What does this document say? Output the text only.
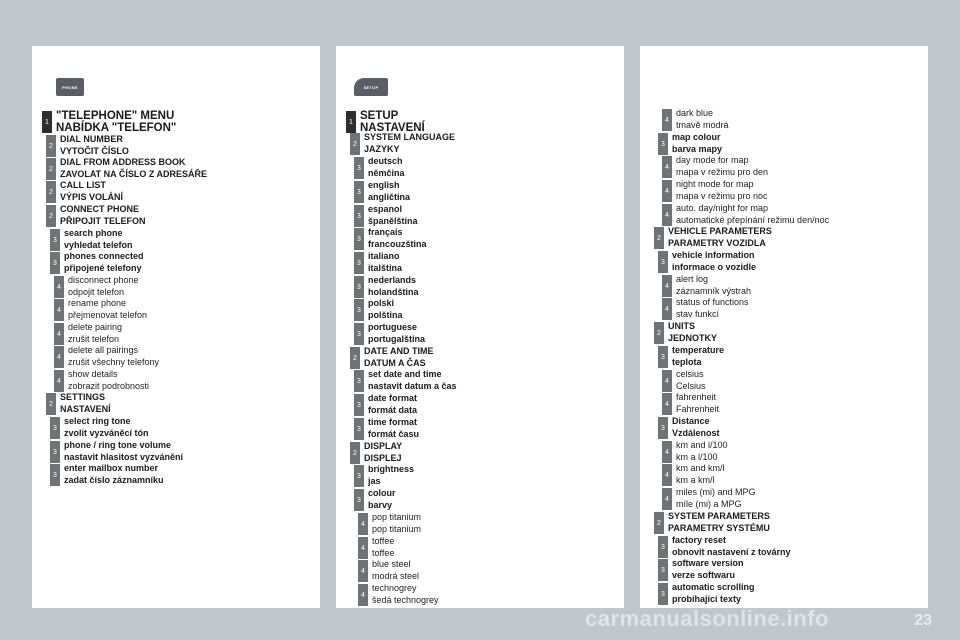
PHONE	SETUP
carmanualsonline.info	23
1 "TELEPHONE" MENU
NABÍDKA "TELEFON"
2
DIAL NUMBER
VYTOČIT ČÍSLO
2
DIAL FROM ADDRESS BOOK
ZAVOLAT NA ČÍSLO Z ADRESÁŘE
2
CALL LIST
VÝPIS VOLÁNÍ
2
CONNECT PHONE
PŘIPOJIT TELEFON
3
search phone
vyhledat telefon
3
phones connected
připojené telefony
4
disconnect phone
odpojit telefon
4
rename phone
přejmenovat telefon
4
delete pairing
zrušit telefon
4
delete all pairings
zrušit všechny telefony
4
show details
zobrazit podrobnosti
2
SETTINGS
NASTAVENÍ
3
select ring tone
zvolit vyzváněcí tón
3
phone / ring tone volume
nastavit hlasitost vyzvánění
3
enter mailbox number
zadat číslo záznamníku
1 SETUP
NASTAVENÍ
2
SYSTEM LANGUAGE
JAZYKY
3
deutsch
němčina
3
english
angličtina
3
espanol
španělština
3
français
francouzština
3
italiano
italština
3
nederlands
holandština
3
polski
polština
3
portuguese
portugalština
2
DATE AND TIME
DATUM A ČAS
3
set date and time
nastavit datum a čas
3
date format
formát data
3
time format
formát času
2
DISPLAY
DISPLEJ
3
brightness
jas
3
colour
barvy
4
pop titanium
pop titanium
4
toffee
toffee
4
blue steel
modrá steel
4
technogrey
šedá technogrey
4
dark blue
tmavě modrá
3
map colour
barva mapy
4
day mode for map
mapa v režimu pro den
4
night mode for map
mapa v režimu pro noc
4
auto. day/night for map
automatické přepínání režimu den/noc
2
VEHICLE PARAMETERS
PARAMETRY VOZIDLA
3
vehicle information
informace o vozidle
4
alert log
záznamník výstrah
4
status of functions
stav funkcí
2
UNITS
JEDNOTKY
3
temperature
teplota
4
celsius
Celsius
4
fahrenheit
Fahrenheit
3
Distance
Vzdálenost
4
km and l/100
km a l/100
4
km and km/l
km a km/l
4
miles (mi) and MPG
míle (mi) a MPG
2
SYSTEM PARAMETERS
PARAMETRY SYSTÉMU
3
factory reset
obnovit nastavení z továrny
3
software version
verze softwaru
3
automatic scrolling
probíhající texty
